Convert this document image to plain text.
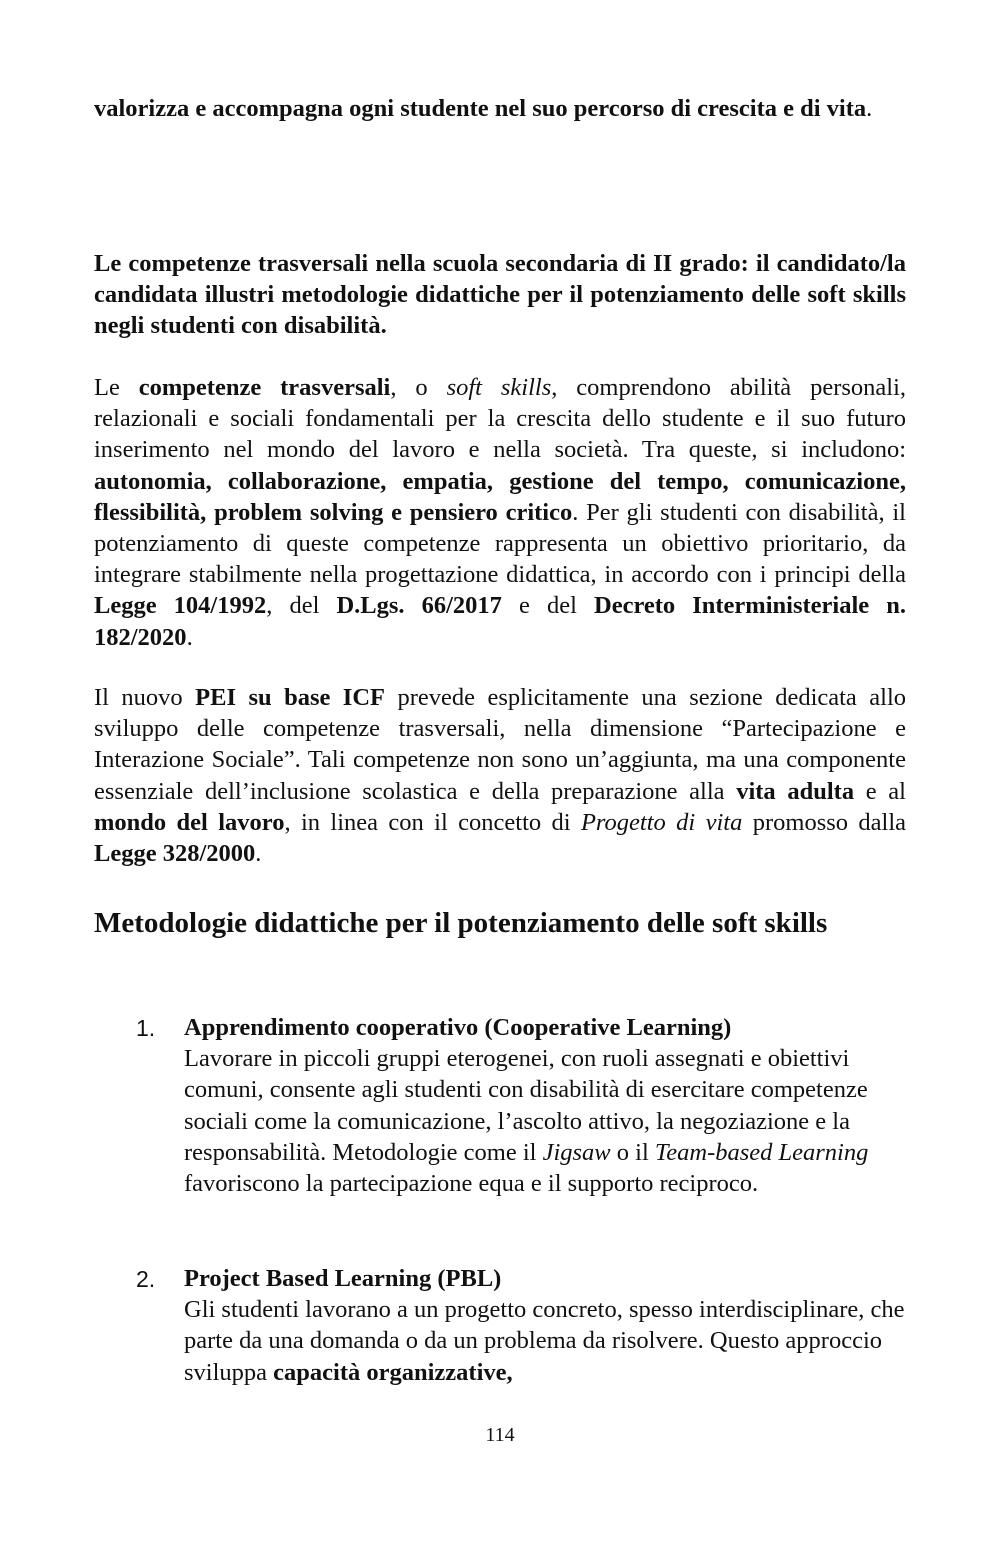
valorizza e accompagna ogni studente nel suo percorso di crescita e di vita.

Le competenze trasversali nella scuola secondaria di II grado: il candidato/la candidata illustri metodologie didattiche per il potenziamento delle soft skills negli studenti con disabilità.

Le competenze trasversali, o soft skills, comprendono abilità personali, relazionali e sociali fondamentali per la crescita dello studente e il suo futuro inserimento nel mondo del lavoro e nella società. Tra queste, si includono: autonomia, collaborazione, empatia, gestione del tempo, comunicazione, flessibilità, problem solving e pensiero critico. Per gli studenti con disabilità, il potenziamento di queste competenze rappresenta un obiettivo prioritario, da integrare stabilmente nella progettazione didattica, in accordo con i principi della Legge 104/1992, del D.Lgs. 66/2017 e del Decreto Interministeriale n. 182/2020.

Il nuovo PEI su base ICF prevede esplicitamente una sezione dedicata allo sviluppo delle competenze trasversali, nella dimensione “Partecipazione e Interazione Sociale”. Tali competenze non sono un’aggiunta, ma una componente essenziale dell’inclusione scolastica e della preparazione alla vita adulta e al mondo del lavoro, in linea con il concetto di Progetto di vita promosso dalla Legge 328/2000.

Metodologie didattiche per il potenziamento delle soft skills
1. Apprendimento cooperativo (Cooperative Learning)
Lavorare in piccoli gruppi eterogenei, con ruoli assegnati e obiettivi comuni, consente agli studenti con disabilità di esercitare competenze sociali come la comunicazione, l’ascolto attivo, la negoziazione e la responsabilità. Metodologie come il Jigsaw o il Team-based Learning favoriscono la partecipazione equa e il supporto reciproco.

2. Project Based Learning (PBL)
Gli studenti lavorano a un progetto concreto, spesso interdisciplinare, che parte da una domanda o da un problema da risolvere. Questo approccio sviluppa capacità organizzative,

114
